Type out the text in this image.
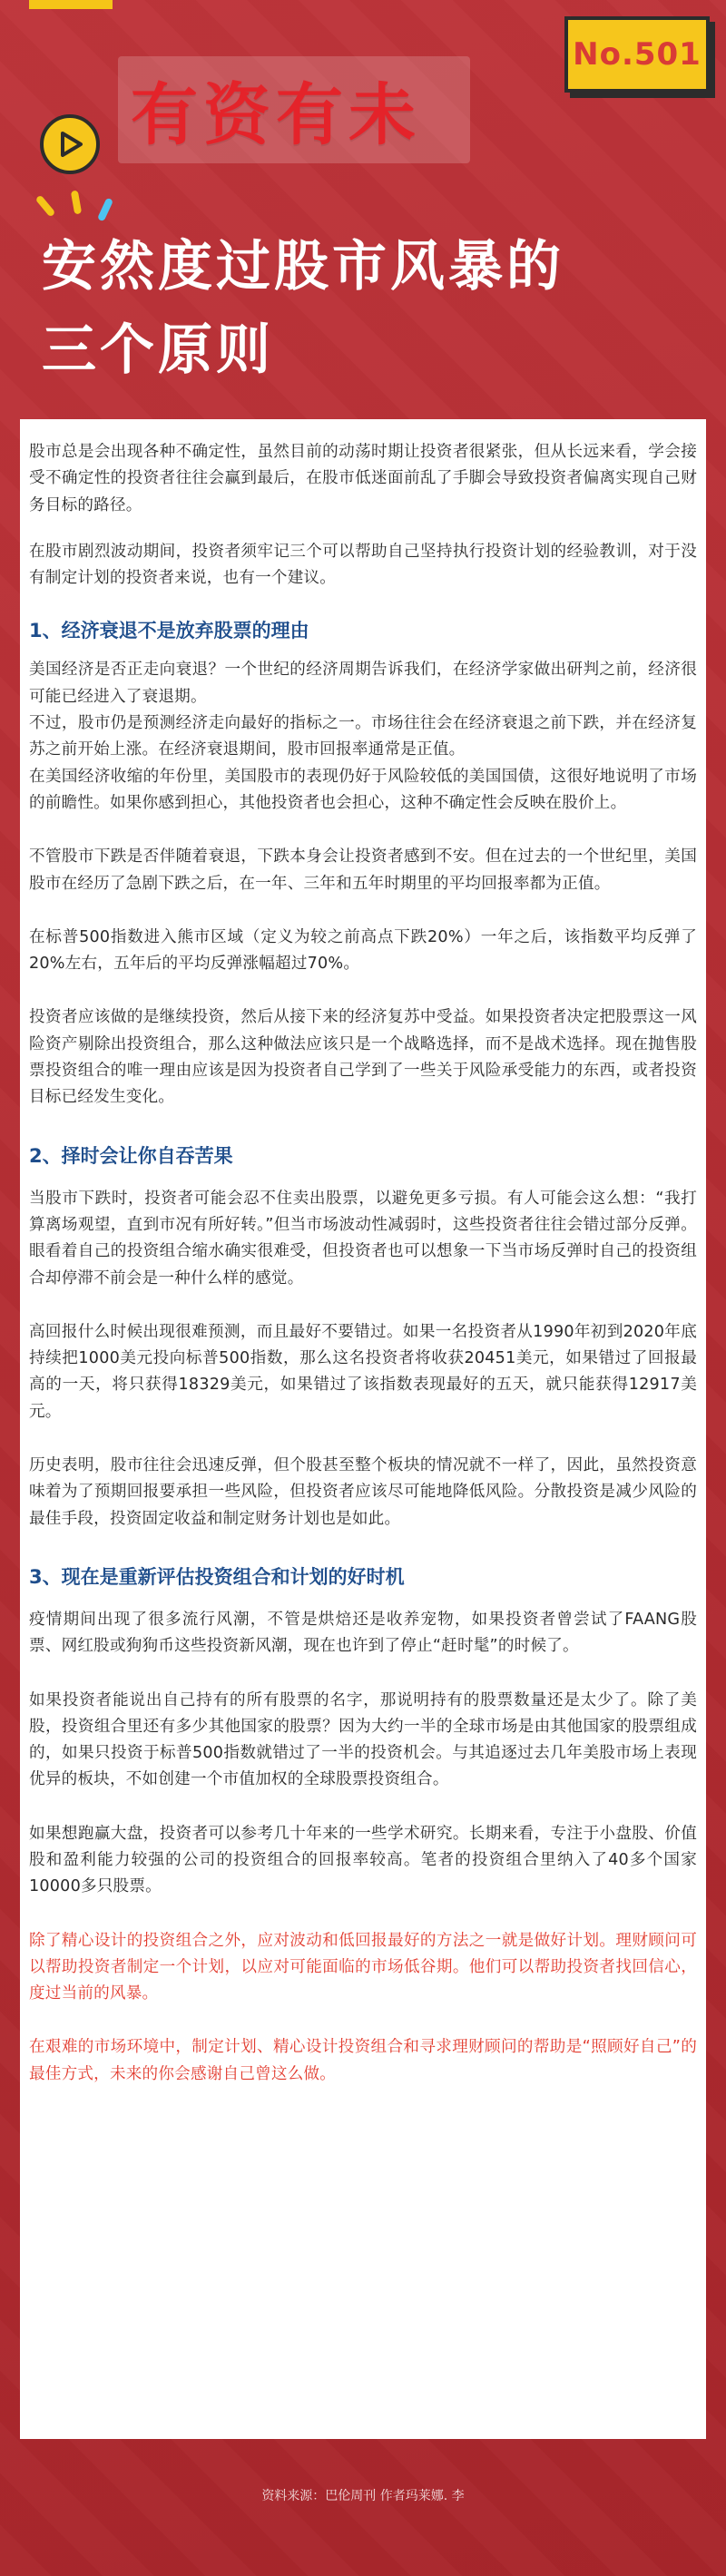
No.501
有资有未
安然度过股市风暴的
三个原则

股市总是会出现各种不确定性，虽然目前的动荡时期让投资者很紧张，但从长远来看，学会接受不确定性的投资者往往会赢到最后，在股市低迷面前乱了手脚会导致投资者偏离实现自己财务目标的路径。

在股市剧烈波动期间，投资者须牢记三个可以帮助自己坚持执行投资计划的经验教训，对于没有制定计划的投资者来说，也有一个建议。

1、经济衰退不是放弃股票的理由

美国经济是否正走向衰退？一个世纪的经济周期告诉我们，在经济学家做出研判之前，经济很可能已经进入了衰退期。
不过，股市仍是预测经济走向最好的指标之一。市场往往会在经济衰退之前下跌，并在经济复苏之前开始上涨。在经济衰退期间，股市回报率通常是正值。
在美国经济收缩的年份里，美国股市的表现仍好于风险较低的美国国债，这很好地说明了市场的前瞻性。如果你感到担心，其他投资者也会担心，这种不确定性会反映在股价上。

不管股市下跌是否伴随着衰退，下跌本身会让投资者感到不安。但在过去的一个世纪里，美国股市在经历了急剧下跌之后，在一年、三年和五年时期里的平均回报率都为正值。

在标普500指数进入熊市区域（定义为较之前高点下跌20%）一年之后，该指数平均反弹了20%左右，五年后的平均反弹涨幅超过70%。

投资者应该做的是继续投资，然后从接下来的经济复苏中受益。如果投资者决定把股票这一风险资产剔除出投资组合，那么这种做法应该只是一个战略选择，而不是战术选择。现在抛售股票投资组合的唯一理由应该是因为投资者自己学到了一些关于风险承受能力的东西，或者投资目标已经发生变化。

2、择时会让你自吞苦果

当股市下跌时，投资者可能会忍不住卖出股票，以避免更多亏损。有人可能会这么想：“我打算离场观望，直到市况有所好转。”但当市场波动性减弱时，这些投资者往往会错过部分反弹。眼看着自己的投资组合缩水确实很难受，但投资者也可以想象一下当市场反弹时自己的投资组合却停滞不前会是一种什么样的感觉。

高回报什么时候出现很难预测，而且最好不要错过。如果一名投资者从1990年初到2020年底持续把1000美元投向标普500指数，那么这名投资者将收获20451美元，如果错过了回报最高的一天，将只获得18329美元，如果错过了该指数表现最好的五天，就只能获得12917美元。

历史表明，股市往往会迅速反弹，但个股甚至整个板块的情况就不一样了，因此，虽然投资意味着为了预期回报要承担一些风险，但投资者应该尽可能地降低风险。分散投资是减少风险的最佳手段，投资固定收益和制定财务计划也是如此。

3、现在是重新评估投资组合和计划的好时机

疫情期间出现了很多流行风潮，不管是烘焙还是收养宠物，如果投资者曾尝试了FAANG股票、网红股或狗狗币这些投资新风潮，现在也许到了停止“赶时髦”的时候了。

如果投资者能说出自己持有的所有股票的名字，那说明持有的股票数量还是太少了。除了美股，投资组合里还有多少其他国家的股票？因为大约一半的全球市场是由其他国家的股票组成的，如果只投资于标普500指数就错过了一半的投资机会。与其追逐过去几年美股市场上表现优异的板块，不如创建一个市值加权的全球股票投资组合。

如果想跑赢大盘，投资者可以参考几十年来的一些学术研究。长期来看，专注于小盘股、价值股和盈利能力较强的公司的投资组合的回报率较高。笔者的投资组合里纳入了40多个国家10000多只股票。

除了精心设计的投资组合之外，应对波动和低回报最好的方法之一就是做好计划。理财顾问可以帮助投资者制定一个计划，以应对可能面临的市场低谷期。他们可以帮助投资者找回信心，度过当前的风暴。

在艰难的市场环境中，制定计划、精心设计投资组合和寻求理财顾问的帮助是“照顾好自己”的最佳方式，未来的你会感谢自己曾这么做。

资料来源：巴伦周刊 作者玛莱娜. 李
